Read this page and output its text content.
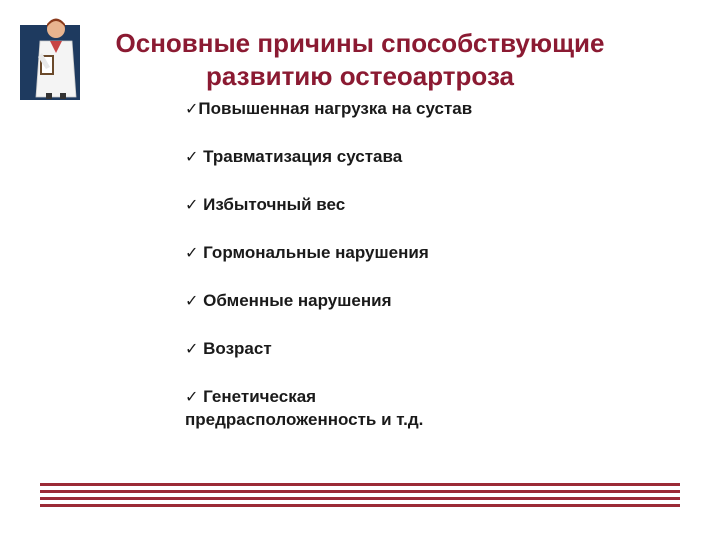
Основные причины способствующие
развитию остеоартроза
✓Повышенная нагрузка на сустав
✓ Травматизация сустава
✓ Избыточный вес
✓ Гормональные нарушения
✓ Обменные нарушения
✓ Возраст
✓ Генетическая предрасположенность и т.д.
